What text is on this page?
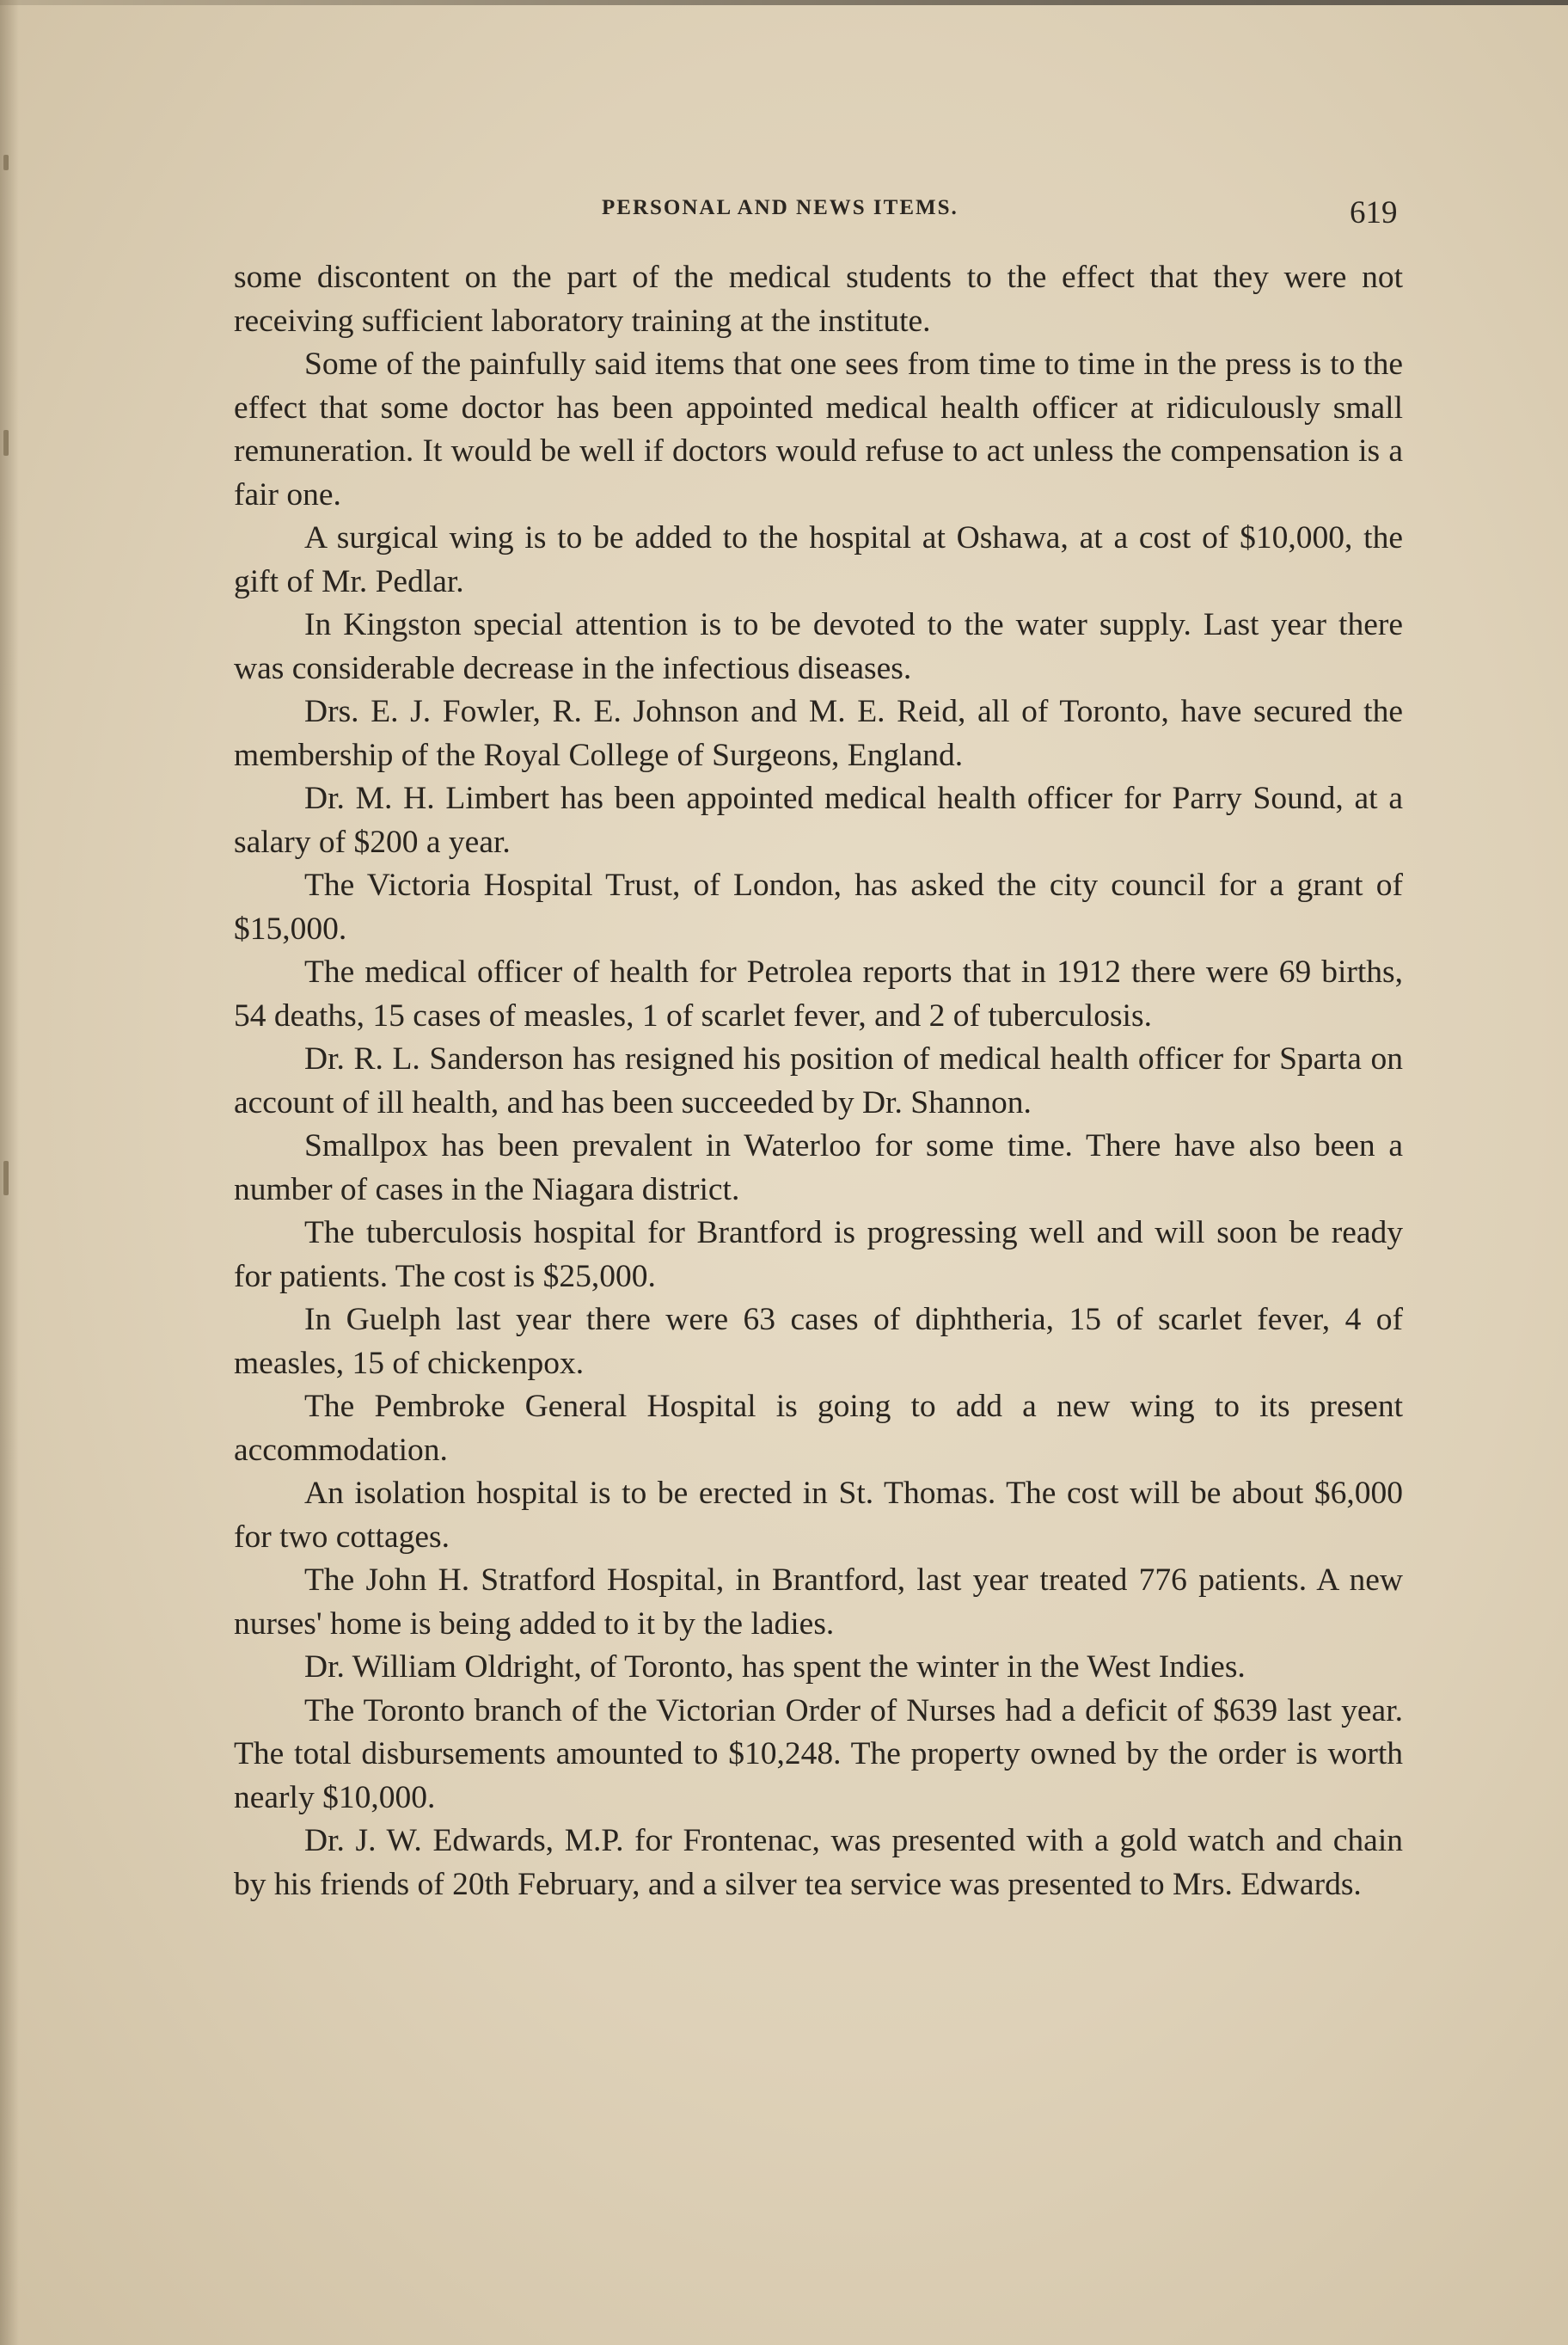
PERSONAL AND NEWS ITEMS.	619

some discontent on the part of the medical students to the effect that they were not receiving sufficient laboratory training at the institute.

Some of the painfully said items that one sees from time to time in the press is to the effect that some doctor has been appointed medical health officer at ridiculously small remuneration. It would be well if doctors would refuse to act unless the compensation is a fair one.

A surgical wing is to be added to the hospital at Oshawa, at a cost of $10,000, the gift of Mr. Pedlar.

In Kingston special attention is to be devoted to the water supply. Last year there was considerable decrease in the infectious diseases.

Drs. E. J. Fowler, R. E. Johnson and M. E. Reid, all of Toronto, have secured the membership of the Royal College of Surgeons, England.

Dr. M. H. Limbert has been appointed medical health officer for Parry Sound, at a salary of $200 a year.

The Victoria Hospital Trust, of London, has asked the city council for a grant of $15,000.

The medical officer of health for Petrolea reports that in 1912 there were 69 births, 54 deaths, 15 cases of measles, 1 of scarlet fever, and 2 of tuberculosis.

Dr. R. L. Sanderson has resigned his position of medical health officer for Sparta on account of ill health, and has been succeeded by Dr. Shannon.

Smallpox has been prevalent in Waterloo for some time. There have also been a number of cases in the Niagara district.

The tuberculosis hospital for Brantford is progressing well and will soon be ready for patients. The cost is $25,000.

In Guelph last year there were 63 cases of diphtheria, 15 of scarlet fever, 4 of measles, 15 of chickenpox.

The Pembroke General Hospital is going to add a new wing to its present accommodation.

An isolation hospital is to be erected in St. Thomas. The cost will be about $6,000 for two cottages.

The John H. Stratford Hospital, in Brantford, last year treated 776 patients. A new nurses' home is being added to it by the ladies.

Dr. William Oldright, of Toronto, has spent the winter in the West Indies.

The Toronto branch of the Victorian Order of Nurses had a deficit of $639 last year. The total disbursements amounted to $10,248. The property owned by the order is worth nearly $10,000.

Dr. J. W. Edwards, M.P. for Frontenac, was presented with a gold watch and chain by his friends of 20th February, and a silver tea service was presented to Mrs. Edwards.
